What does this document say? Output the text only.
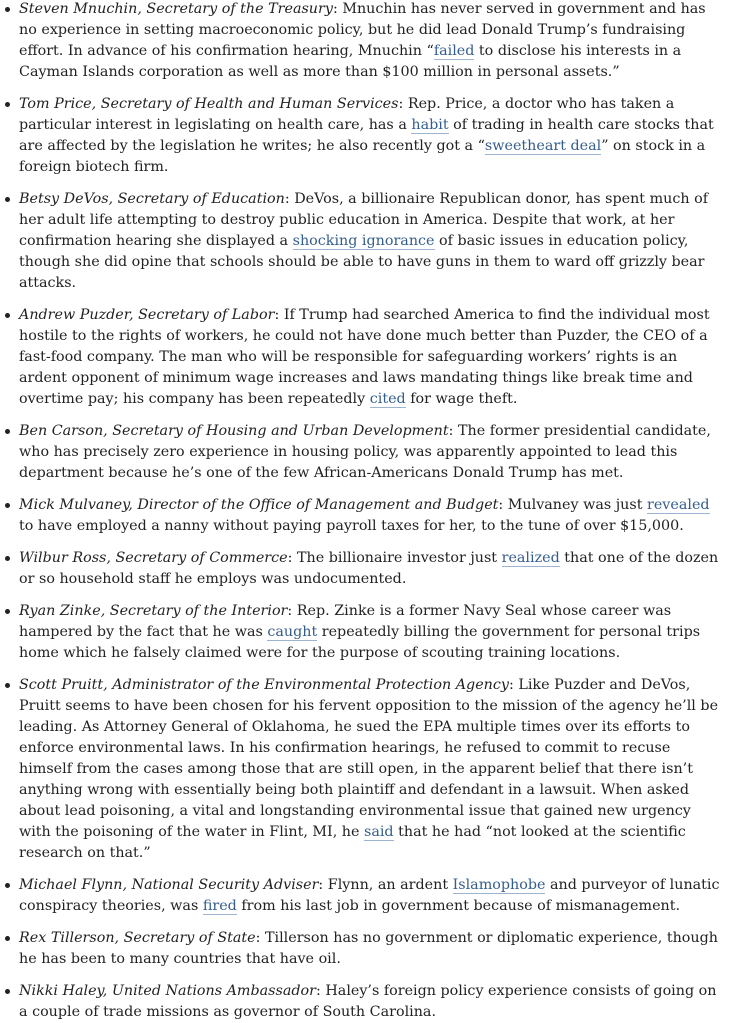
Steven Mnuchin, Secretary of the Treasury: Mnuchin has never served in government and has no experience in setting macroeconomic policy, but he did lead Donald Trump’s fundraising effort. In advance of his confirmation hearing, Mnuchin “failed to disclose his interests in a Cayman Islands corporation as well as more than $100 million in personal assets.”
Tom Price, Secretary of Health and Human Services: Rep. Price, a doctor who has taken a particular interest in legislating on health care, has a habit of trading in health care stocks that are affected by the legislation he writes; he also recently got a “sweetheart deal” on stock in a foreign biotech firm.
Betsy DeVos, Secretary of Education: DeVos, a billionaire Republican donor, has spent much of her adult life attempting to destroy public education in America. Despite that work, at her confirmation hearing she displayed a shocking ignorance of basic issues in education policy, though she did opine that schools should be able to have guns in them to ward off grizzly bear attacks.
Andrew Puzder, Secretary of Labor: If Trump had searched America to find the individual most hostile to the rights of workers, he could not have done much better than Puzder, the CEO of a fast-food company. The man who will be responsible for safeguarding workers’ rights is an ardent opponent of minimum wage increases and laws mandating things like break time and overtime pay; his company has been repeatedly cited for wage theft.
Ben Carson, Secretary of Housing and Urban Development: The former presidential candidate, who has precisely zero experience in housing policy, was apparently appointed to lead this department because he’s one of the few African-Americans Donald Trump has met.
Mick Mulvaney, Director of the Office of Management and Budget: Mulvaney was just revealed to have employed a nanny without paying payroll taxes for her, to the tune of over $15,000.
Wilbur Ross, Secretary of Commerce: The billionaire investor just realized that one of the dozen or so household staff he employs was undocumented.
Ryan Zinke, Secretary of the Interior: Rep. Zinke is a former Navy Seal whose career was hampered by the fact that he was caught repeatedly billing the government for personal trips home which he falsely claimed were for the purpose of scouting training locations.
Scott Pruitt, Administrator of the Environmental Protection Agency: Like Puzder and DeVos, Pruitt seems to have been chosen for his fervent opposition to the mission of the agency he’ll be leading. As Attorney General of Oklahoma, he sued the EPA multiple times over its efforts to enforce environmental laws. In his confirmation hearings, he refused to commit to recuse himself from the cases among those that are still open, in the apparent belief that there isn’t anything wrong with essentially being both plaintiff and defendant in a lawsuit. When asked about lead poisoning, a vital and longstanding environmental issue that gained new urgency with the poisoning of the water in Flint, MI, he said that he had “not looked at the scientific research on that.”
Michael Flynn, National Security Adviser: Flynn, an ardent Islamophobe and purveyor of lunatic conspiracy theories, was fired from his last job in government because of mismanagement.
Rex Tillerson, Secretary of State: Tillerson has no government or diplomatic experience, though he has been to many countries that have oil.
Nikki Haley, United Nations Ambassador: Haley’s foreign policy experience consists of going on a couple of trade missions as governor of South Carolina.
